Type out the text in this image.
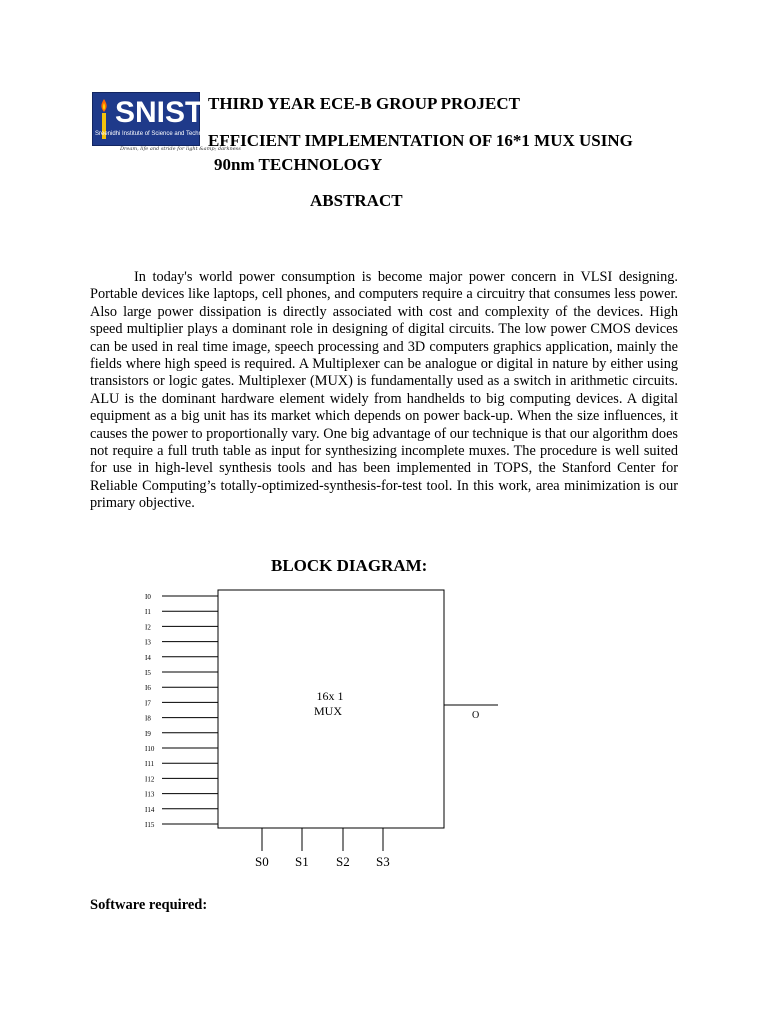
SNIST
Sreenidhi Institute of Science and Technology
Dream, life and stride for light &amp; darkness
THIRD YEAR ECE-B GROUP PROJECT
EFFICIENT IMPLEMENTATION OF 16*1 MUX USING
90nm TECHNOLOGY
ABSTRACT
In today's world power consumption is become major power concern in VLSI designing. Portable devices like laptops, cell phones, and computers require a circuitry that consumes less power. Also large power dissipation is directly associated with cost and complexity of the devices. High speed multiplier plays a dominant role in designing of digital circuits. The low power CMOS devices can be used in real time image, speech processing and 3D computers graphics application, mainly the fields where high speed is required. A Multiplexer can be analogue or digital in nature by either using transistors or logic gates. Multiplexer (MUX) is fundamentally used as a switch in arithmetic circuits. ALU is the dominant hardware element widely from handhelds to big computing devices. A digital equipment as a big unit has its market which depends on power back-up. When the size influences, it causes the power to proportionally vary. One big advantage of our technique is that our algorithm does not require a full truth table as input for synthesizing incomplete muxes. The procedure is well suited for use in high-level synthesis tools and has been implemented in TOPS, the Stanford Center for Reliable Computing’s totally-optimized-synthesis-for-test tool. In this work, area minimization is our primary objective.
BLOCK DIAGRAM:
16x 1
MUX
I0
I1
I2
I3
I4
I5
I6
I7
I8
I9
I10
I11
I12
I13
I14
I15
O
S0 S1 S2 S3
Software required:
